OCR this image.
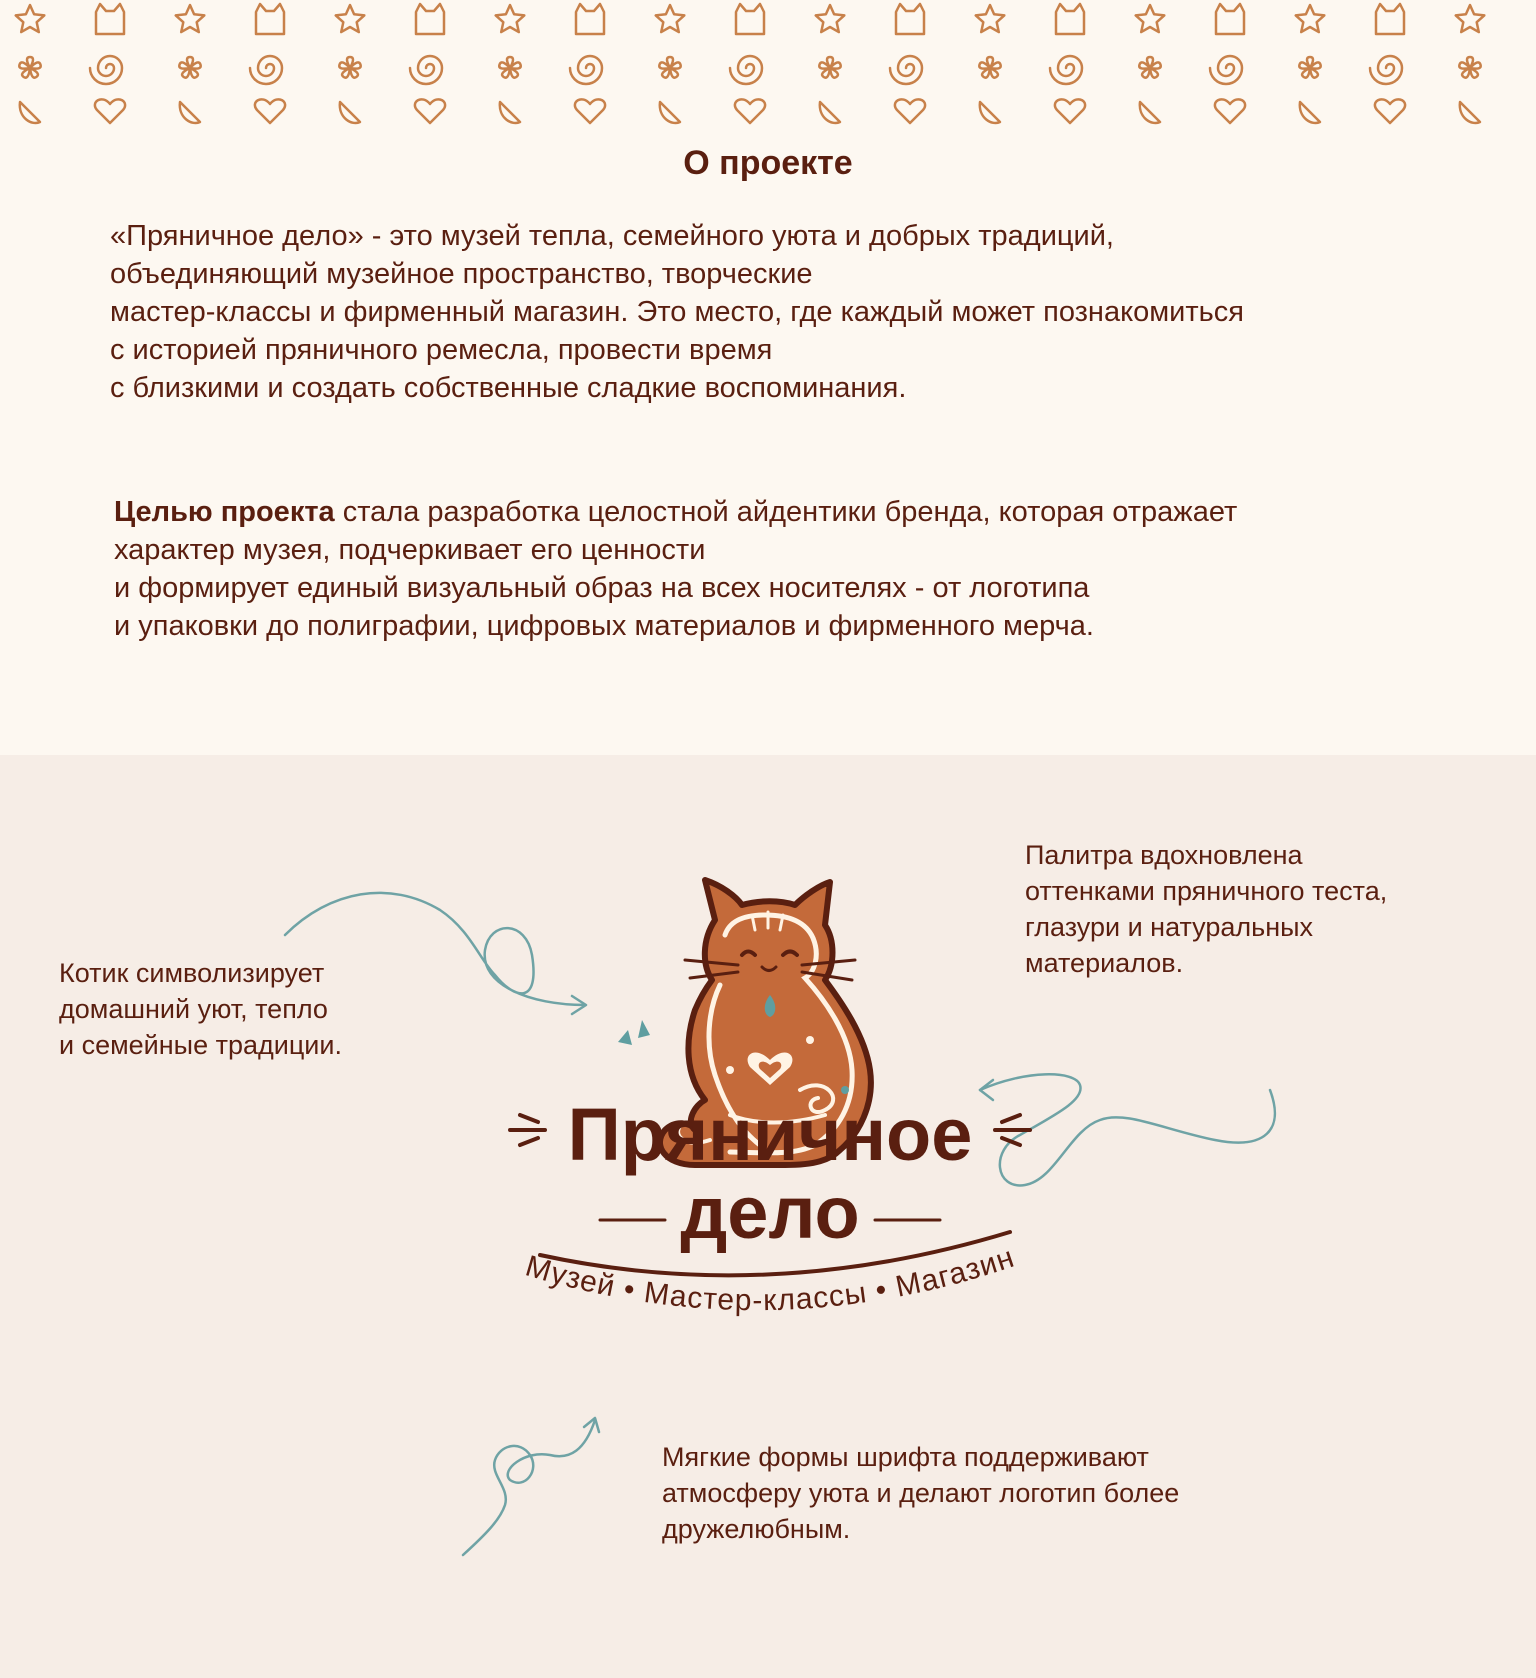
О проекте
«Пряничное дело» - это музей тепла, семейного уюта и добрых традиций,
объединяющий музейное пространство, творческие
мастер-классы и фирменный магазин. Это место, где каждый может познакомиться
с историей пряничного ремесла, провести время
с близкими и создать собственные сладкие воспоминания.
Целью проекта стала разработка целостной айдентики бренда, которая отражает
характер музея, подчеркивает его ценности
и формирует единый визуальный образ на всех носителях - от логотипа
и упаковки до полиграфии, цифровых материалов и фирменного мерча.
Котик символизирует
домашний уют, тепло
и семейные традиции.
Палитра вдохновлена
оттенками пряничного теста,
глазури и натуральных
материалов.
Мягкие формы шрифта поддерживают
атмосферу уюта и делают логотип более
дружелюбным.
Пряничное
дело
Музей • Мастер-классы • Магазин
